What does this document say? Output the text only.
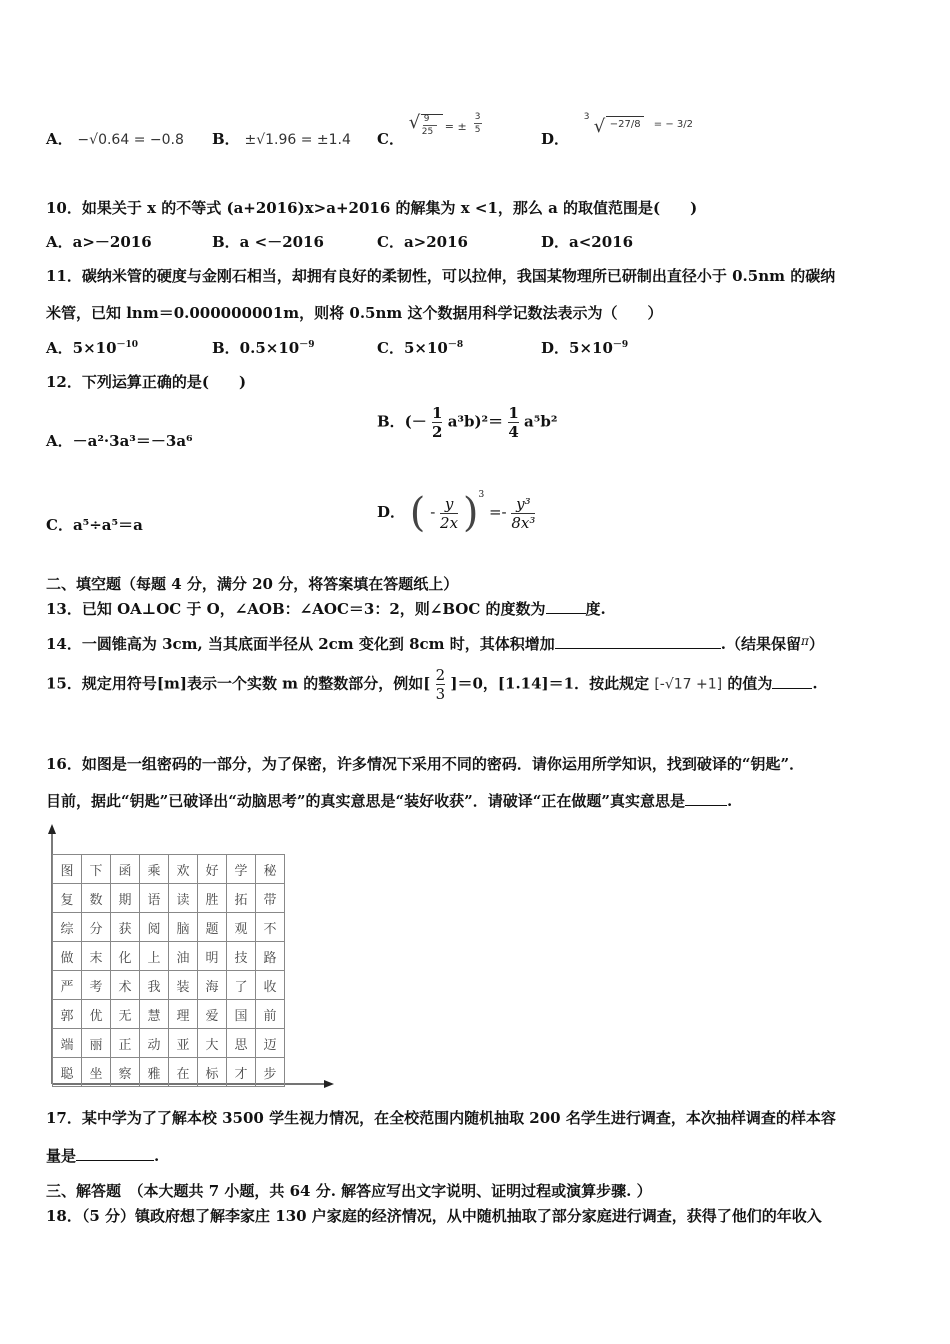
A． −√0.64 = −0.8 B． ±√1.96 = ±1.4 C．
√ 9
25 = ±
3
5	D．
3 √ −27/8 = − 3/2
10．如果关于 x 的不等式 (a+2016)x>a+2016 的解集为 x <1，那么 a 的取值范围是(　　)
A．a>－2016	B．a <－2016	C．a>2016	D．a<2016
11．碳纳米管的硬度与金刚石相当，却拥有良好的柔韧性，可以拉伸，我国某物理所已研制出直径小于 0.5nm 的碳纳
米管，已知 lnm＝0.000000001m，则将 0.5nm 这个数据用科学记数法表示为（　　）
A．$5\times 10^{-10}$	B．$0.5\times 10^{-9}$	C．$5\times 10^{-8}$	D．$5\times 10^{-9}$
12．下列运算正确的是(　　)
A．－a²·3a³＝－3a⁶
B．(－ $\frac{1}{2} a^3b)^2= \frac{1}{4} a^5b^2$
C．a⁵÷a⁵＝a
D． ( - $\frac{y}{2x} )^3 =- \frac{\text{y³}}{\text{8x³}}$
二、填空题（每题 4 分，满分 20 分，将答案填在答题纸上）
13．已知 OA⊥OC 于 O，∠AOB：∠AOC＝3：2，则∠BOC 的度数为	度.
14．一圆锥高为 3cm, 当其底面半径从 2cm 变化到 8cm 时，其体积增加	.（结果保留$^\pi$）
15．规定用符号[m]表示一个实数 m 的整数部分，例如[ $\frac{2}{3} ]=0$，[1.14]＝1．按此规定 [-√17 +1] 的值为	.
16．如图是一组密码的一部分，为了保密，许多情况下采用不同的密码．请你运用所学知识，找到破译的“钥匙”．
目前，据此“钥匙”已破译出“动脑思考”的真实意思是“装好收获”．请破译“正在做题”真实意思是	.
图	下	函	乘	欢	好	学	秘
复	数	期	语	读	胜	拓	带
综	分	获	阅	脑	题	观	不
做	末	化	上	油	明	技	路
严	考	术	我	装	海	了	收
郭	优	无	慧	理	爱	国	前
端	丽	正	动	亚	大	思	迈
聪	坐	察	雅	在	标	才	步
17．某中学为了了解本校 3500 学生视力情况，在全校范围内随机抽取 200 名学生进行调查，本次抽样调查的样本容
量是	.
三、解答题　（本大题共 7 小题，共 64 分. 解答应写出文字说明、证明过程或演算步骤. ）
18．（5 分）镇政府想了解李家庄 130 户家庭的经济情况，从中随机抽取了部分家庭进行调查，获得了他们的年收入
